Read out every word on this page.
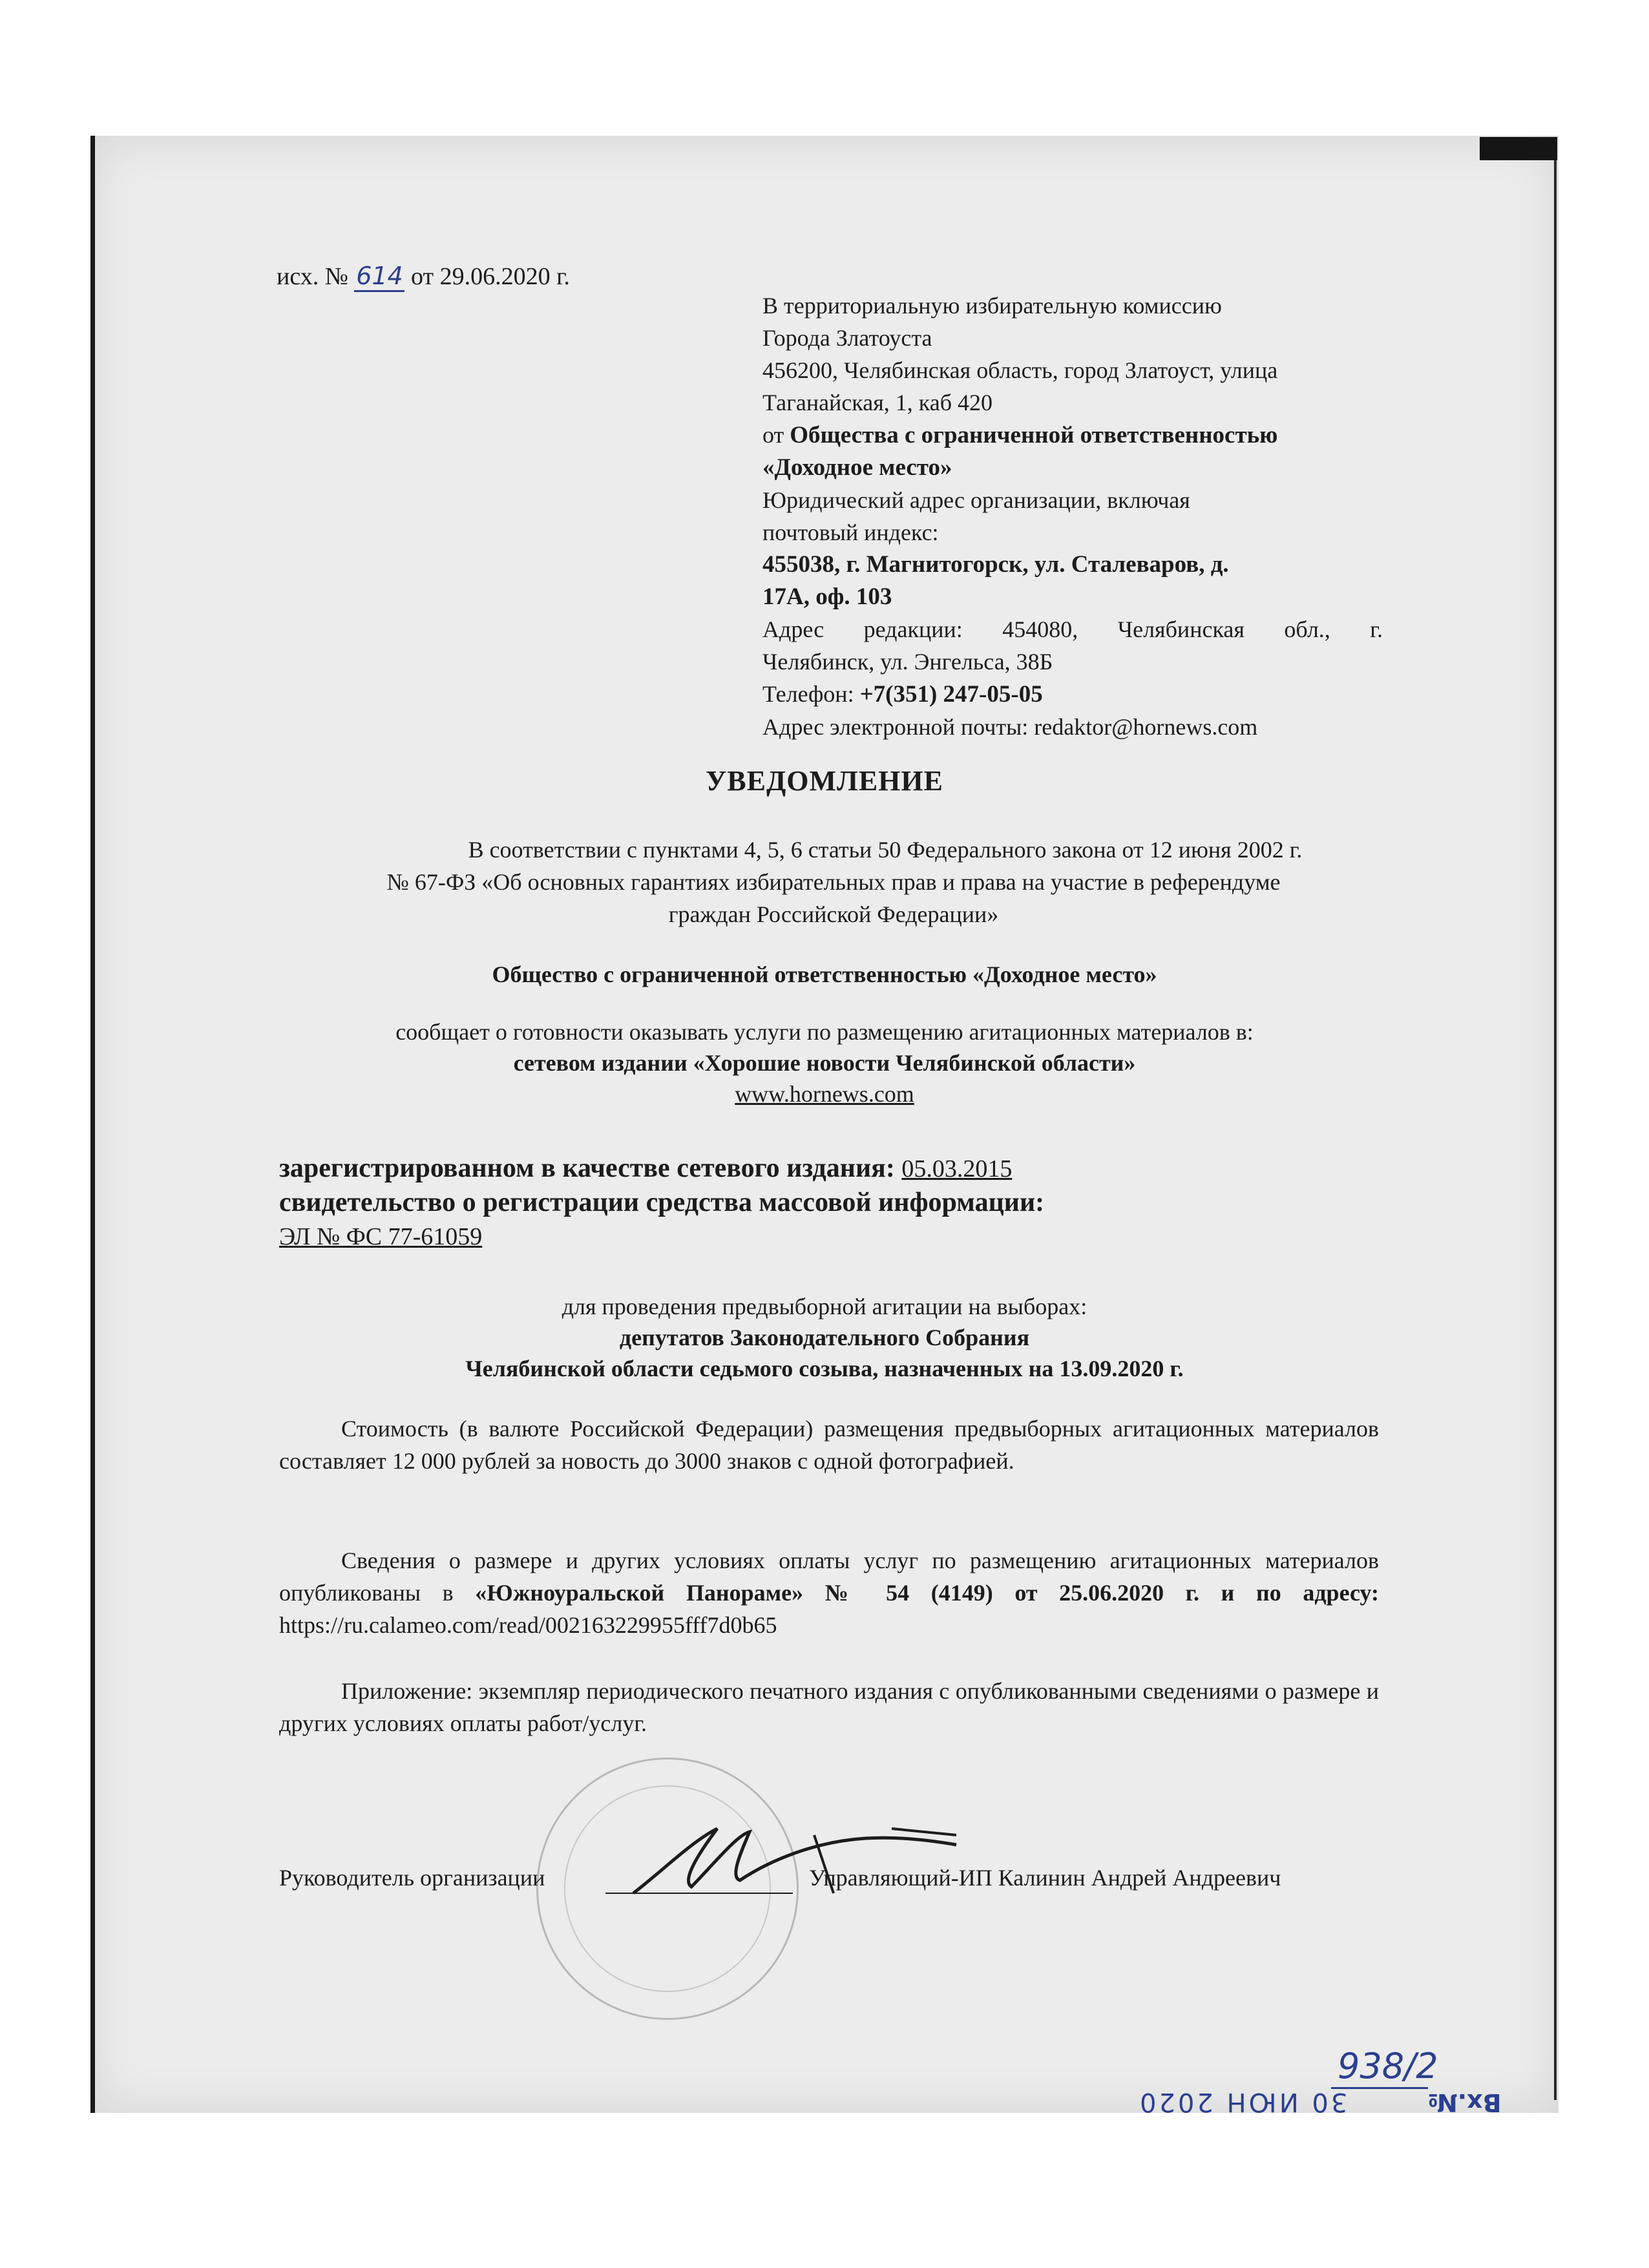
исх. № 614 от 29.06.2020 г.
В территориальную избирательную комиссию
Города Златоуста
456200, Челябинская область, город Златоуст, улица
Таганайская, 1, каб 420
от Общества с ограниченной ответственностью
«Доходное место»
Юридический адрес организации, включая
почтовый индекс:
455038, г. Магнитогорск, ул. Сталеваров, д.
17А, оф. 103
Адрес редакции: 454080, Челябинская обл., г.
Челябинск, ул. Энгельса, 38Б
Телефон: +7(351) 247-05-05
Адрес электронной почты: redaktor@hornews.com
УВЕДОМЛЕНИЕ
В соответствии с пунктами 4, 5, 6 статьи 50 Федерального закона от 12 июня 2002 г.
№ 67-ФЗ «Об основных гарантиях избирательных прав и права на участие в референдуме
граждан Российской Федерации»
Общество с ограниченной ответственностью «Доходное место»
сообщает о готовности оказывать услуги по размещению агитационных материалов в:
сетевом издании «Хорошие новости Челябинской области»
www.hornews.com
зарегистрированном в качестве сетевого издания: 05.03.2015
свидетельство о регистрации средства массовой информации:
ЭЛ № ФС 77-61059
для проведения предвыборной агитации на выборах:
депутатов Законодательного Собрания
Челябинской области седьмого созыва, назначенных на 13.09.2020 г.
Стоимость (в валюте Российской Федерации) размещения предвыборных агитационных материалов составляет 12 000 рублей за новость до 3000 знаков с одной фотографией.
Сведения о размере и других условиях оплаты услуг по размещению агитационных материалов опубликованы в «Южноуральской Панораме» № 54 (4149) от 25.06.2020 г. и по адресу: https://ru.calameo.com/read/002163229955fff7d0b65
Приложение: экземпляр периодического печатного издания с опубликованными сведениями о размере и других условиях оплаты работ/услуг.
Руководитель организации	Управляющий-ИП Калинин Андрей Андреевич
30 ИЮН 2020
938/2
Вх.№
